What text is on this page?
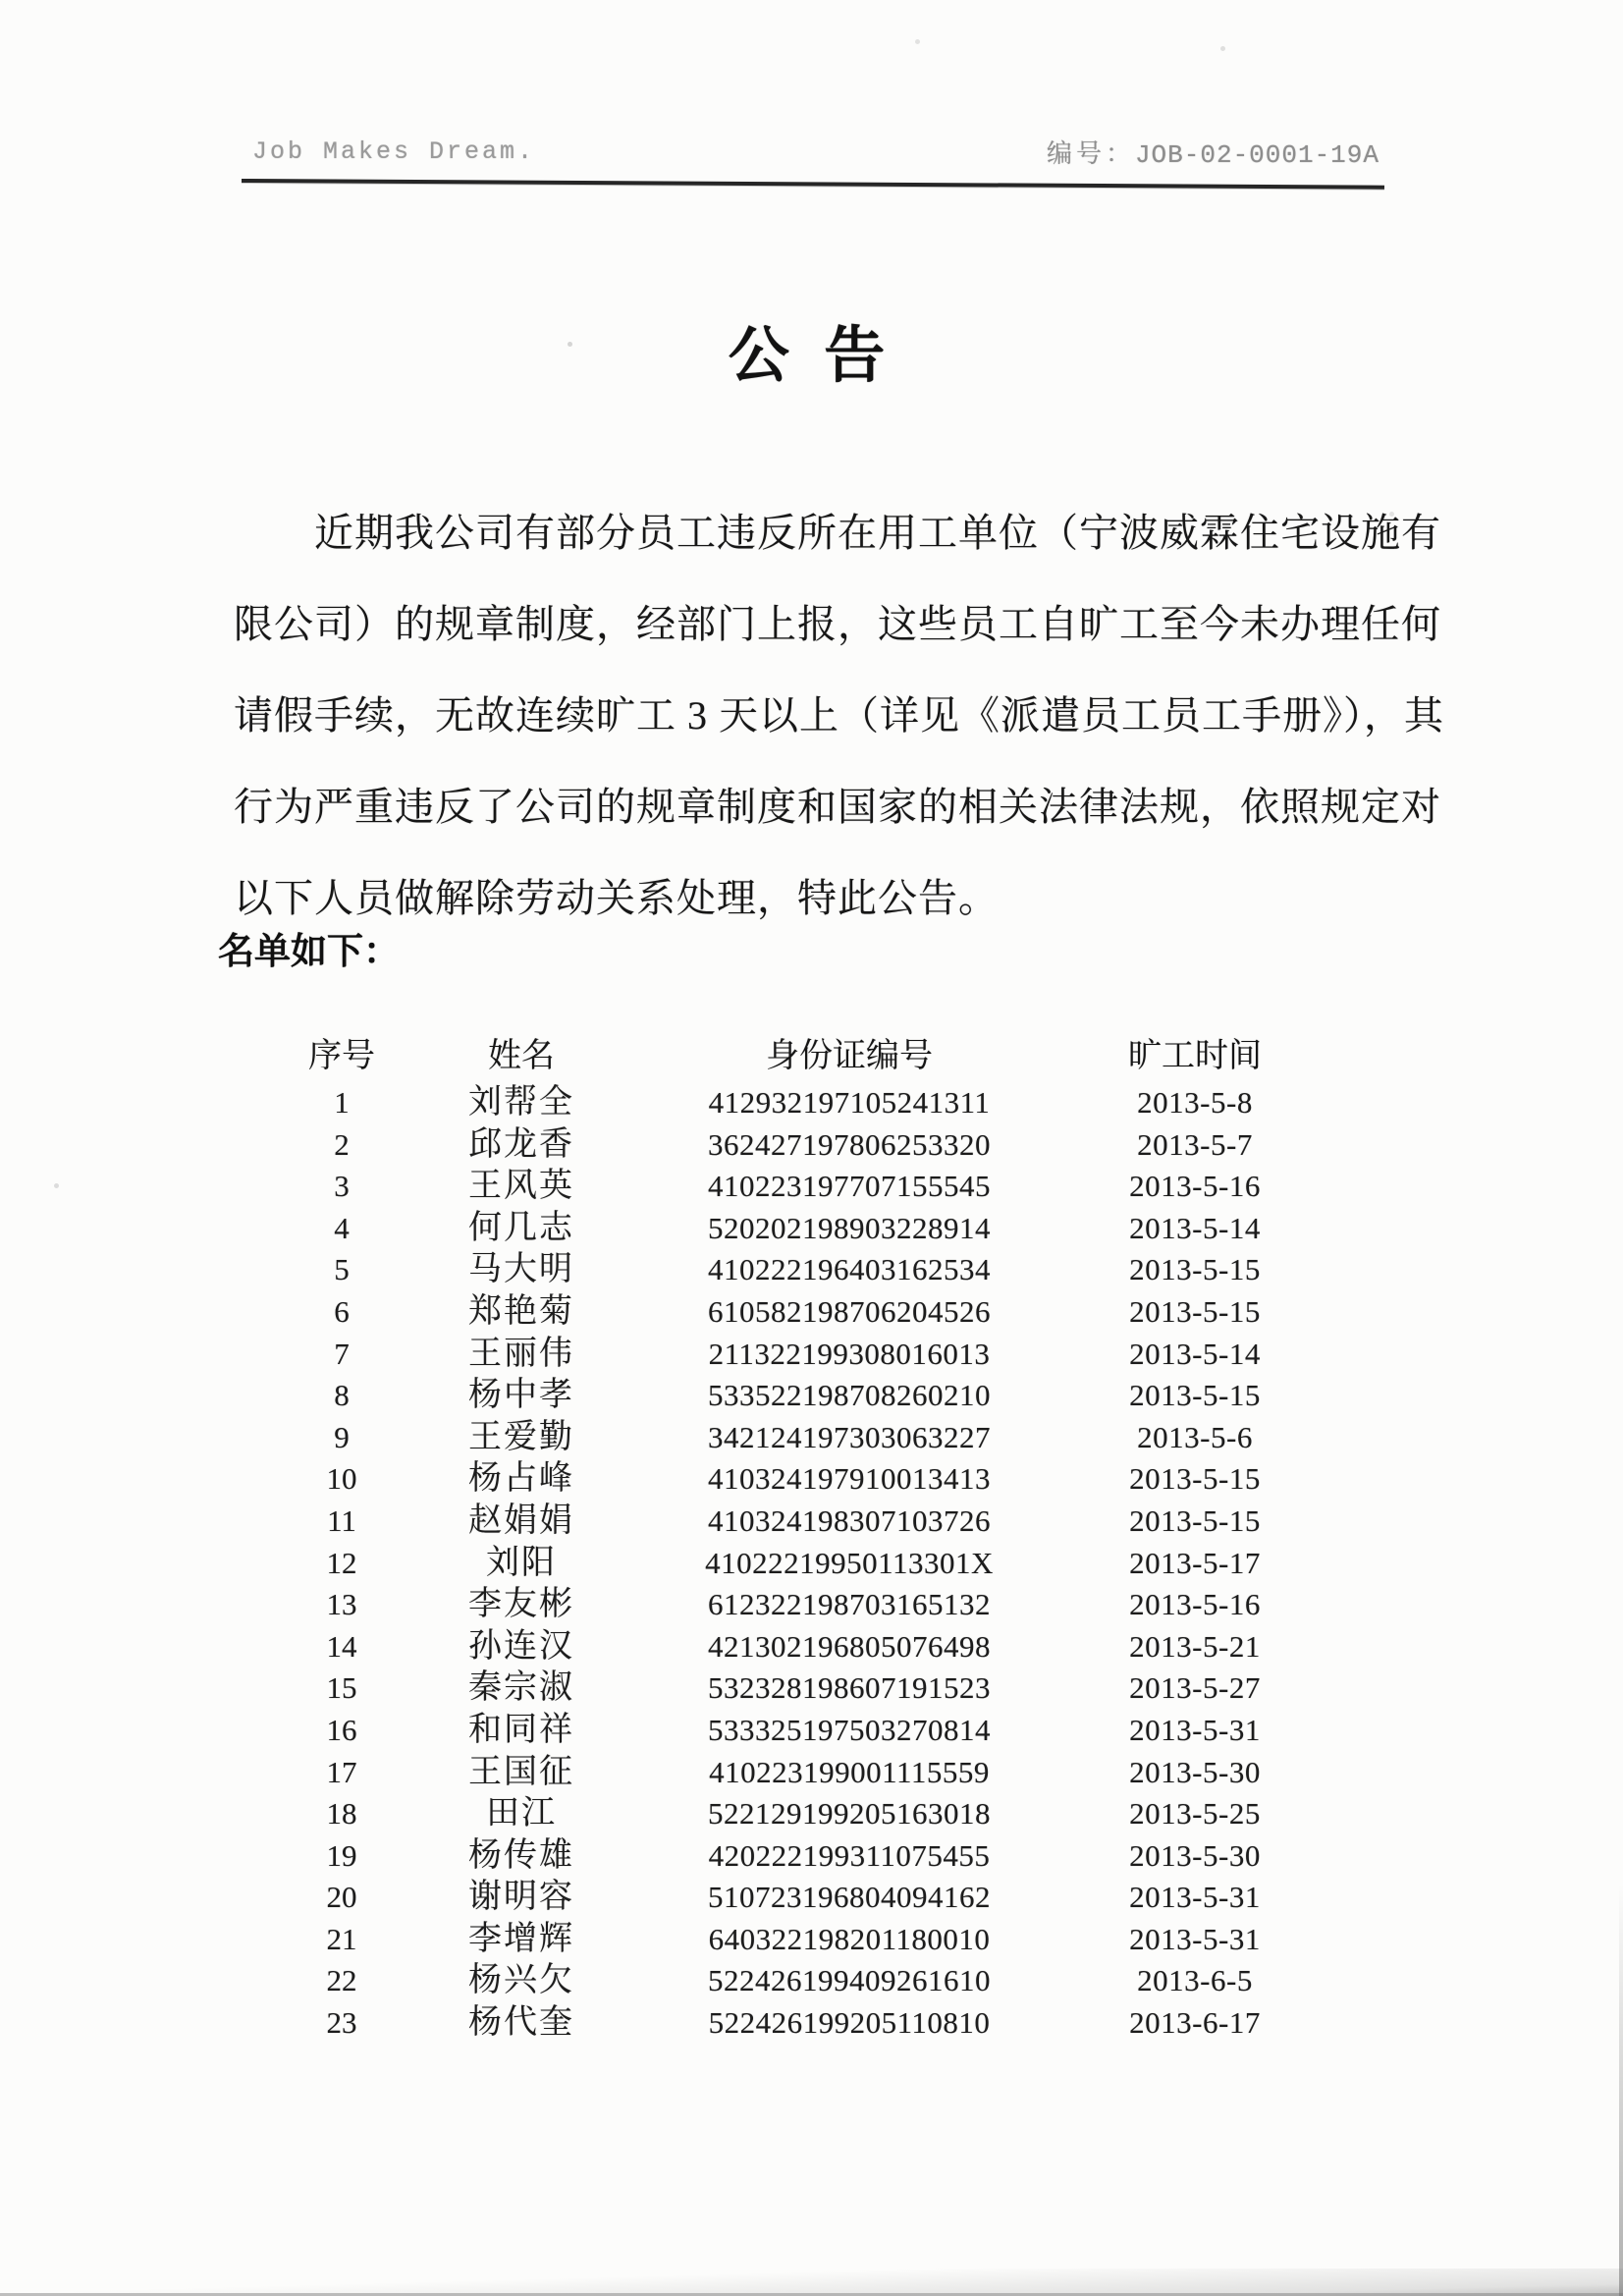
Job Makes Dream.	编号：JOB-02-0001-19A
公 告
近期我公司有部分员工违反所在用工单位（宁波威霖住宅设施有
限公司）的规章制度，经部门上报，这些员工自旷工至今未办理任何
请假手续，无故连续旷工 3 天以上（详见《派遣员工员工手册》），其
行为严重违反了公司的规章制度和国家的相关法律法规，依照规定对
以下人员做解除劳动关系处理，特此公告。
名单如下：
序号	姓名	身份证编号	旷工时间
1	刘帮全	412932197105241311	2013-5-8
2	邱龙香	362427197806253320	2013-5-7
3	王风英	410223197707155545	2013-5-16
4	何几志	520202198903228914	2013-5-14
5	马大明	410222196403162534	2013-5-15
6	郑艳菊	610582198706204526	2013-5-15
7	王丽伟	211322199308016013	2013-5-14
8	杨中孝	533522198708260210	2013-5-15
9	王爱勤	342124197303063227	2013-5-6
10	杨占峰	410324197910013413	2013-5-15
11	赵娟娟	410324198307103726	2013-5-15
12	刘阳	41022219950113301X	2013-5-17
13	李友彬	612322198703165132	2013-5-16
14	孙连汉	421302196805076498	2013-5-21
15	秦宗淑	532328198607191523	2013-5-27
16	和同祥	533325197503270814	2013-5-31
17	王国征	410223199001115559	2013-5-30
18	田江	522129199205163018	2013-5-25
19	杨传雄	420222199311075455	2013-5-30
20	谢明容	510723196804094162	2013-5-31
21	李增辉	640322198201180010	2013-5-31
22	杨兴欠	522426199409261610	2013-6-5
23	杨代奎	522426199205110810	2013-6-17
